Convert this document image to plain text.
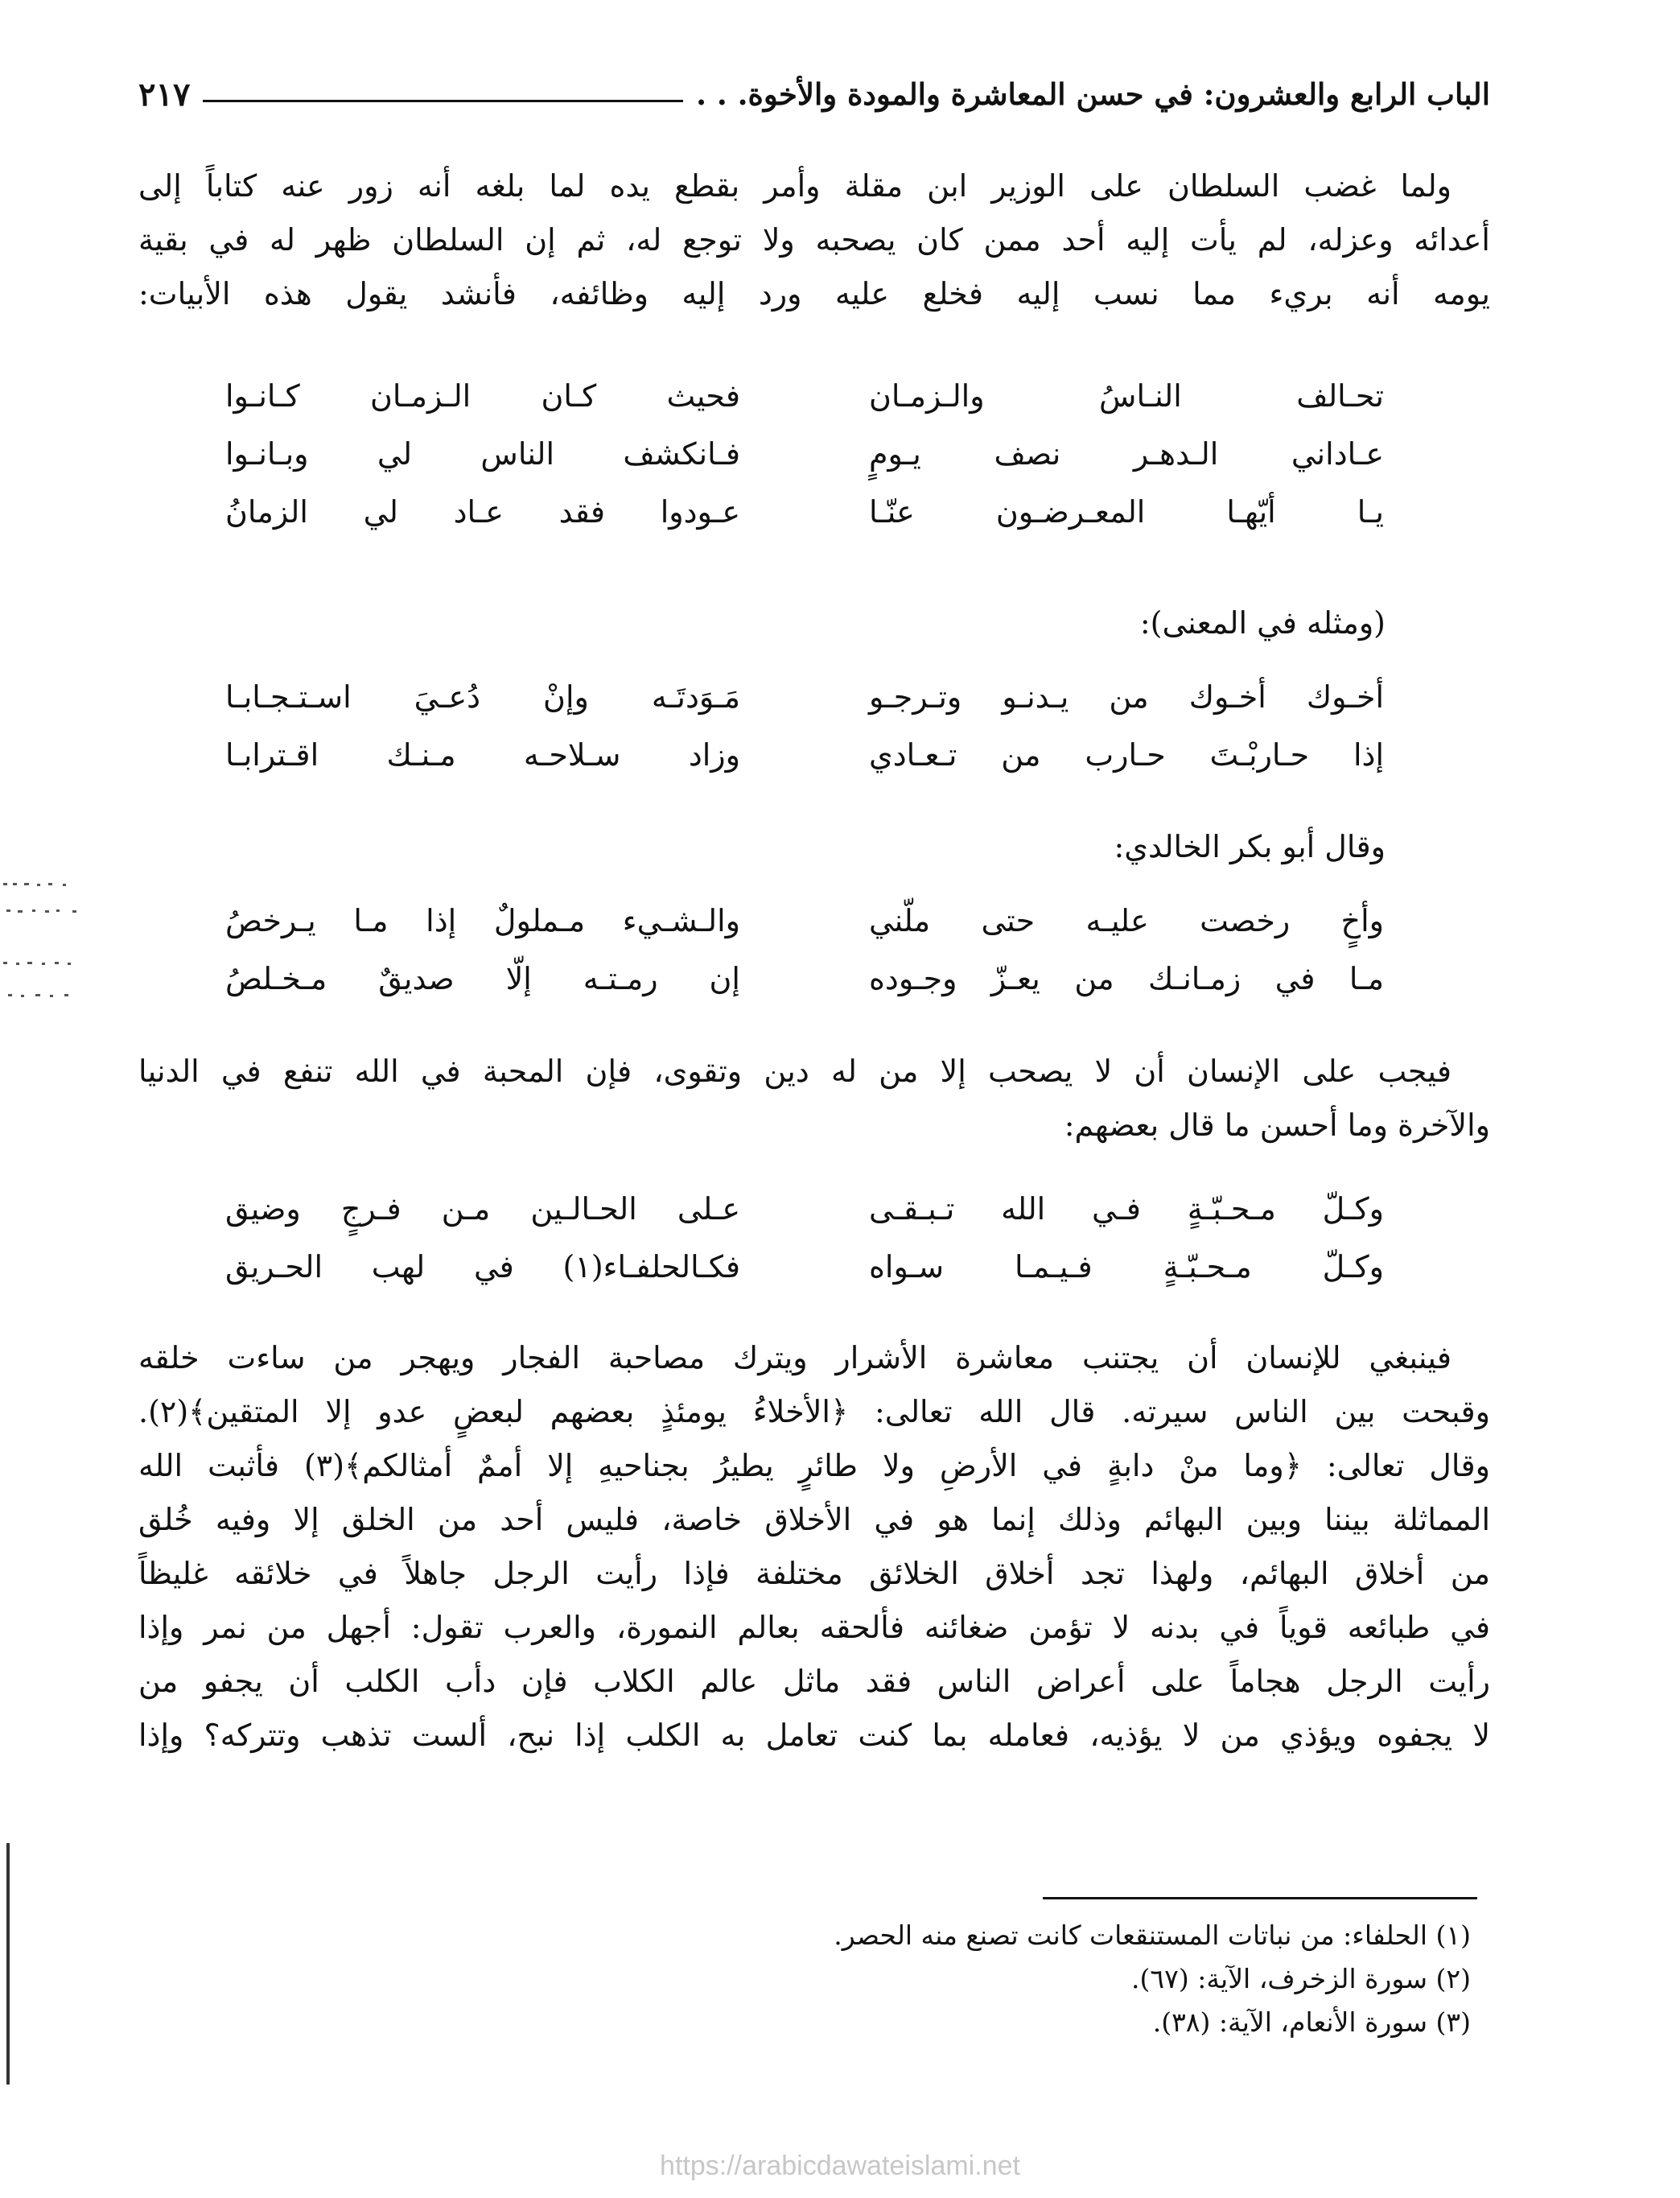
الباب الرابع والعشرون: في حسن المعاشرة والمودة والأخوة. . .
٢١٧
ولما غضب السلطان على الوزير ابن مقلة وأمر بقطع يده لما بلغه أنه زور عنه كتاباً إلى
أعدائه وعزله، لم يأت إليه أحد ممن كان يصحبه ولا توجع له، ثم إن السلطان ظهر له في بقية
يومه أنه بريء مما نسب إليه فخلع عليه ورد إليه وظائفه، فأنشد يقول هذه الأبيات:
تحـالف النـاسُ والـزمـان
فحيث كـان الـزمـان كـانـوا
عـاداني الـدهـر نصف يـومٍ
فـانكشف الناس لي وبـانـوا
يـا أيّهـا المعـرضـون عنّـا
عـودوا فقد عـاد لي الزمانُ
(ومثله في المعنى):
أخـوك أخـوك من يـدنـو وتـرجـو
مَـوَدتَـه وإنْ دُعـيَ اسـتـجـابـا
إذا حـاربْـتَ حـارب من تـعـادي
وزاد سـلاحـه مـنـك اقـترابـا
وقال أبو بكر الخالدي:
وأخٍ رخصت عليـه حتى ملّني
والـشـيء مـملولٌ إذا مـا يـرخصُ
مـا في زمـانـك من يعـزّ وجـوده
إن رمـتـه إلّا صديقٌ مـخـلصُ
فيجب على الإنسان أن لا يصحب إلا من له دين وتقوى، فإن المحبة في الله تنفع في الدنيا
والآخرة وما أحسن ما قال بعضهم:
وكـلّ مـحـبّـةٍ فـي الله تـبـقـى
عـلى الحـالـين مـن فـرجٍ وضيق
وكـلّ مـحـبّـةٍ فـيـمـا سـواه
فكـالحلفـاء(١) في لهب الحـريق
فينبغي للإنسان أن يجتنب معاشرة الأشرار ويترك مصاحبة الفجار ويهجر من ساءت خلقه
وقبحت بين الناس سيرته. قال الله تعالى: ﴿الأخلاءُ يومئذٍ بعضهم لبعضٍ عدو إلا المتقين﴾(٢).
وقال تعالى: ﴿وما منْ دابةٍ في الأرضِ ولا طائرٍ يطيرُ بجناحيهِ إلا أممٌ أمثالكم﴾(٣) فأثبت الله
المماثلة بيننا وبين البهائم وذلك إنما هو في الأخلاق خاصة، فليس أحد من الخلق إلا وفيه خُلق
من أخلاق البهائم، ولهذا تجد أخلاق الخلائق مختلفة فإذا رأيت الرجل جاهلاً في خلائقه غليظاً
في طبائعه قوياً في بدنه لا تؤمن ضغائنه فألحقه بعالم النمورة، والعرب تقول: أجهل من نمر وإذا
رأيت الرجل هجاماً على أعراض الناس فقد ماثل عالم الكلاب فإن دأب الكلب أن يجفو من
لا يجفوه ويؤذي من لا يؤذيه، فعامله بما كنت تعامل به الكلب إذا نبح، ألست تذهب وتتركه؟ وإذا
(١) الحلفاء: من نباتات المستنقعات كانت تصنع منه الحصر.
(٢) سورة الزخرف، الآية: (٦٧).
(٣) سورة الأنعام، الآية: (٣٨).
https://arabicdawateislami.net
